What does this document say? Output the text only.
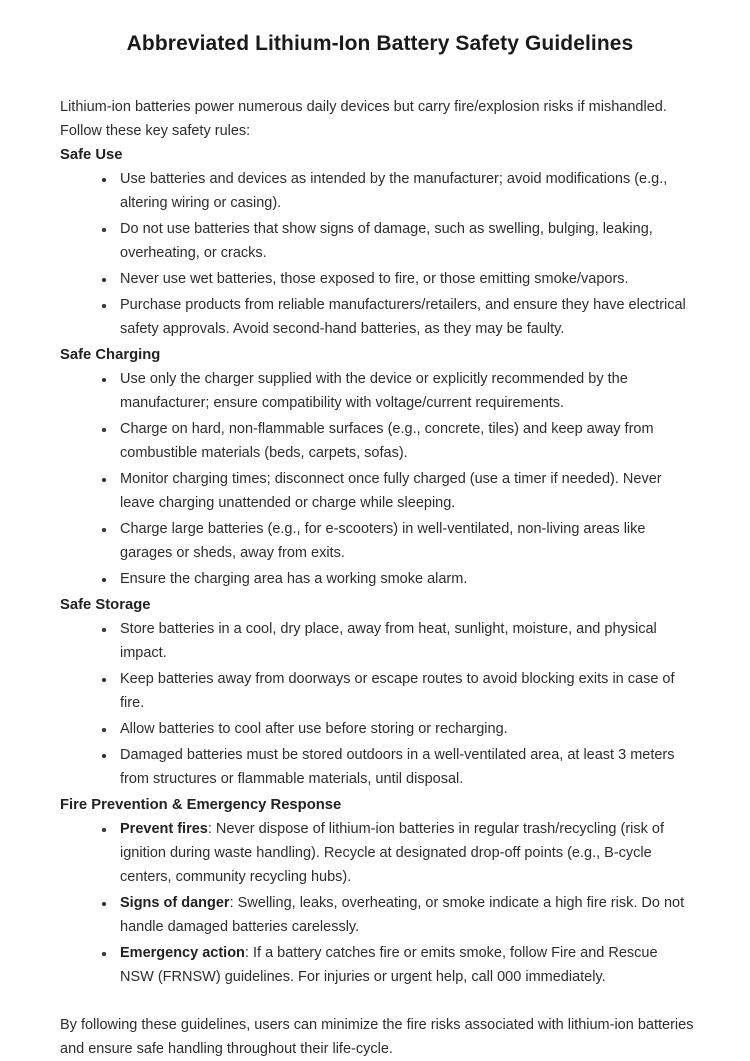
Abbreviated Lithium-Ion Battery Safety Guidelines

Lithium-ion batteries power numerous daily devices but carry fire/explosion risks if mishandled. Follow these key safety rules:

Safe Use
• Use batteries and devices as intended by the manufacturer; avoid modifications (e.g., altering wiring or casing).
• Do not use batteries that show signs of damage, such as swelling, bulging, leaking, overheating, or cracks.
• Never use wet batteries, those exposed to fire, or those emitting smoke/vapors.
• Purchase products from reliable manufacturers/retailers, and ensure they have electrical safety approvals. Avoid second-hand batteries, as they may be faulty.
Safe Charging
• Use only the charger supplied with the device or explicitly recommended by the manufacturer; ensure compatibility with voltage/current requirements.
• Charge on hard, non-flammable surfaces (e.g., concrete, tiles) and keep away from combustible materials (beds, carpets, sofas).
• Monitor charging times; disconnect once fully charged (use a timer if needed). Never leave charging unattended or charge while sleeping.
• Charge large batteries (e.g., for e-scooters) in well-ventilated, non-living areas like garages or sheds, away from exits.
• Ensure the charging area has a working smoke alarm.
Safe Storage
• Store batteries in a cool, dry place, away from heat, sunlight, moisture, and physical impact.
• Keep batteries away from doorways or escape routes to avoid blocking exits in case of fire.
• Allow batteries to cool after use before storing or recharging.
• Damaged batteries must be stored outdoors in a well-ventilated area, at least 3 meters from structures or flammable materials, until disposal.
Fire Prevention & Emergency Response
• Prevent fires: Never dispose of lithium-ion batteries in regular trash/recycling (risk of ignition during waste handling). Recycle at designated drop-off points (e.g., B-cycle centers, community recycling hubs).
• Signs of danger: Swelling, leaks, overheating, or smoke indicate a high fire risk. Do not handle damaged batteries carelessly.
• Emergency action: If a battery catches fire or emits smoke, follow Fire and Rescue NSW (FRNSW) guidelines. For injuries or urgent help, call 000 immediately.

By following these guidelines, users can minimize the fire risks associated with lithium-ion batteries and ensure safe handling throughout their life-cycle.
